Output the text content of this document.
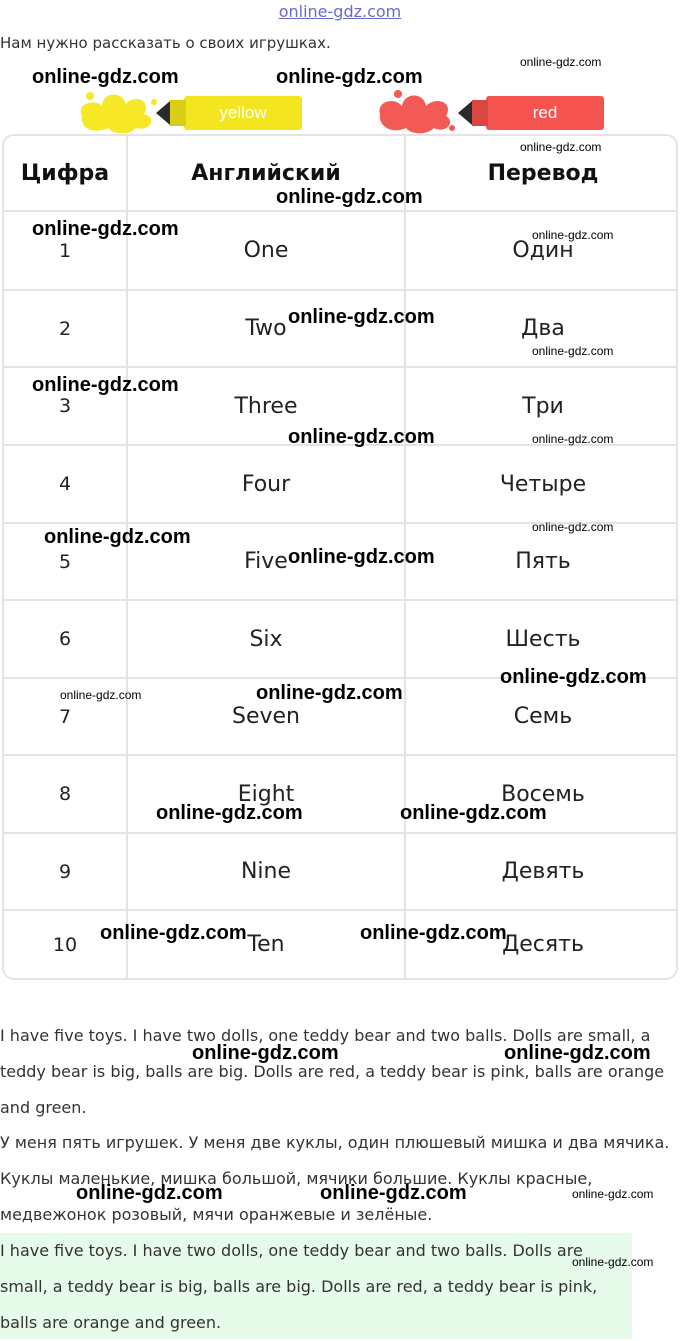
online-gdz.com
Нам нужно рассказать о своих игрушках.
yellow	red
Цифра	Английский	Перевод
1	One	Один
2	Two	Два
3	Three	Три
4	Four	Четыре
5	Five	Пять
6	Six	Шесть
7	Seven	Семь
8	Eight	Восемь
9	Nine	Девять
10	Ten	Десять
I have five toys. I have two dolls, one teddy bear and two balls. Dolls are small, a teddy bear is big, balls are big. Dolls are red, a teddy bear is pink, balls are orange and green.
У меня пять игрушек. У меня две куклы, один плюшевый мишка и два мячика.
Куклы маленькие, мишка большой, мячики большие. Куклы красные, медвежонок розовый, мячи оранжевые и зелёные.
I have five toys. I have two dolls, one teddy bear and two balls. Dolls are small, a teddy bear is big, balls are big. Dolls are red, a teddy bear is pink, balls are orange and green.
online-gdz.com	online-gdz.com
online-gdz.com
online-gdz.com
online-gdz.com
online-gdz.com	online-gdz.com
online-gdz.com
online-gdz.com
online-gdz.com
online-gdz.com	online-gdz.com
online-gdz.com
online-gdz.com
online-gdz.com
online-gdz.com
online-gdz.com	online-gdz.com
online-gdz.com	online-gdz.com
online-gdz.com	online-gdz.com
online-gdz.com	online-gdz.com
online-gdz.com	online-gdz.com	online-gdz.com
online-gdz.com
